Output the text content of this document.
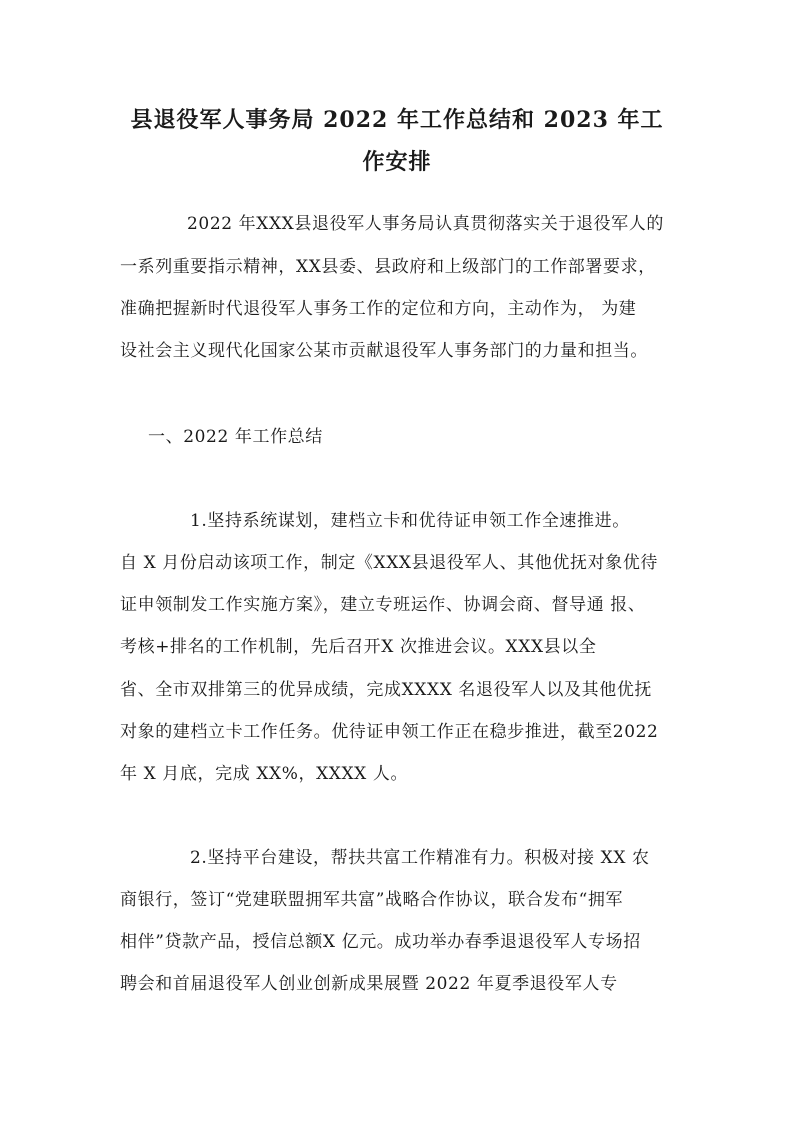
县退役军人事务局 2022 年工作总结和 2023 年工
作安排
2022 年XXX县退役军人事务局认真贯彻落实关于退役军人的
一系列重要指示精神，XX县委、县政府和上级部门的工作部署要求，
准确把握新时代退役军人事务工作的定位和方向，主动作为， 为建
设社会主义现代化国家公某市贡献退役军人事务部门的力量和担当。
一、2022 年工作总结
1.坚持系统谋划，建档立卡和优待证申领工作全速推进。
自 X 月份启动该项工作，制定《XXX县退役军人、其他优抚对象优待
证申领制发工作实施方案》，建立专班运作、协调会商、督导通 报、
考核+排名的工作机制，先后召开X 次推进会议。XXX县以全
省、全市双排第三的优异成绩，完成XXXX 名退役军人以及其他优抚
对象的建档立卡工作任务。优待证申领工作正在稳步推进，截至2022
年 X 月底，完成 XX%，XXXX 人。
2.坚持平台建设，帮扶共富工作精准有力。积极对接 XX 农
商银行，签订“党建联盟拥军共富”战略合作协议，联合发布“拥军
相伴”贷款产品，授信总额X 亿元。成功举办春季退退役军人专场招
聘会和首届退役军人创业创新成果展暨 2022 年夏季退役军人专
